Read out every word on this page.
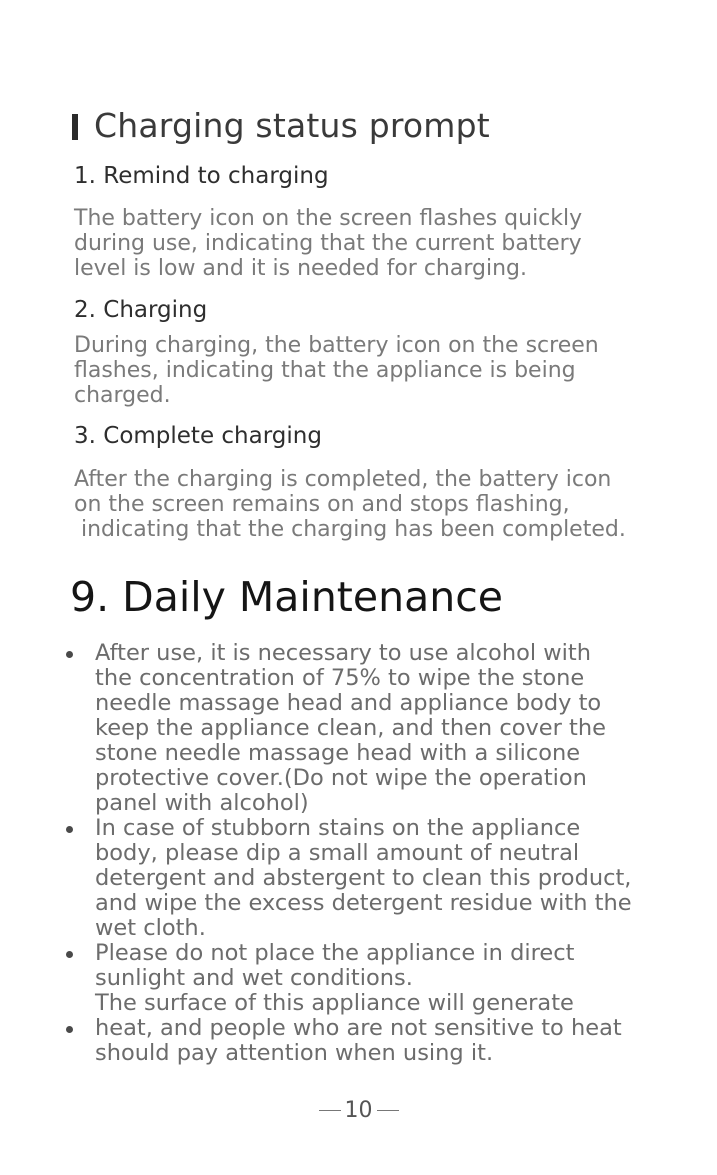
Charging status prompt
1. Remind to charging
The battery icon on the screen flashes quickly
during use, indicating that the current battery
level is low and it is needed for charging.
2. Charging
During charging, the battery icon on the screen
flashes, indicating that the appliance is being
charged.
3. Complete charging
After the charging is completed, the battery icon
on the screen remains on and stops flashing,
indicating that the charging has been completed.
9. Daily Maintenance
After use, it is necessary to use alcohol with
the concentration of 75% to wipe the stone
needle massage head and appliance body to
keep the appliance clean, and then cover the
stone needle massage head with a silicone
protective cover.(Do not wipe the operation
panel with alcohol)
In case of stubborn stains on the appliance
body, please dip a small amount of neutral
detergent and abstergent to clean this product,
and wipe the excess detergent residue with the
wet cloth.
Please do not place the appliance in direct
sunlight and wet conditions.
The surface of this appliance will generate
heat, and people who are not sensitive to heat
should pay attention when using it.
10
